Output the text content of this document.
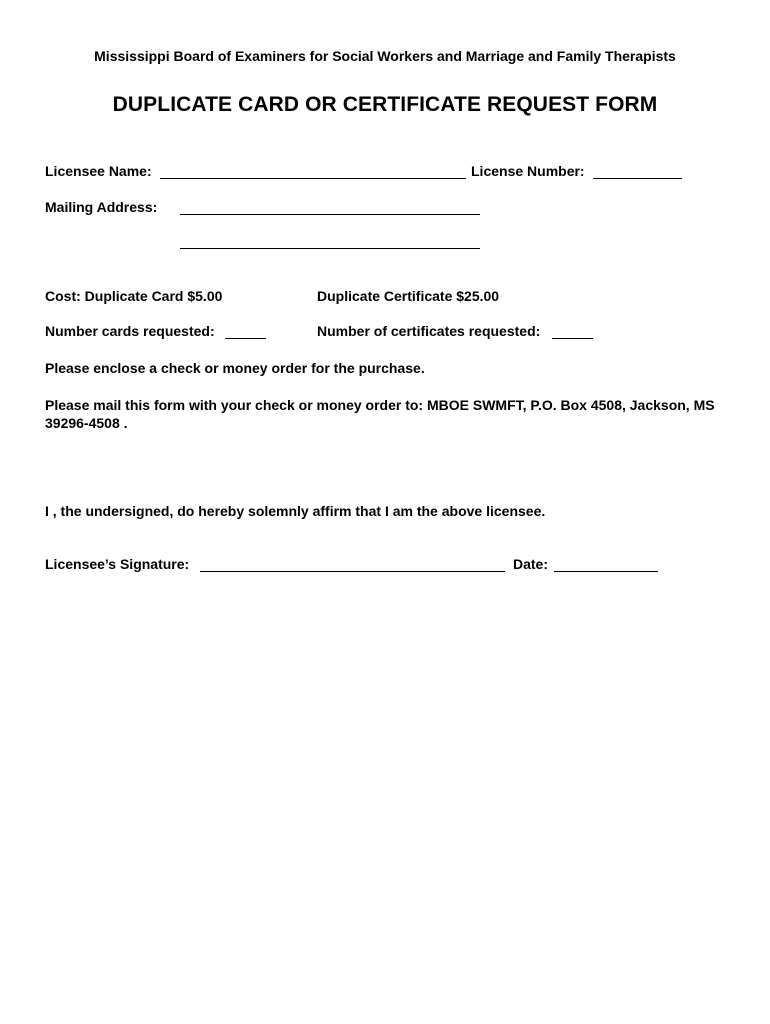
Mississippi Board of Examiners for Social Workers and Marriage and Family Therapists
DUPLICATE CARD OR CERTIFICATE REQUEST FORM
Licensee Name:	License Number:
Mailing Address:
Cost: Duplicate Card $5.00	Duplicate Certificate $25.00
Number cards requested:	Number of certificates requested:
Please enclose a check or money order for the purchase.
Please mail this form with your check or money order to: MBOE SWMFT, P.O. Box 4508, Jackson, MS 39296-4508 .
I , the undersigned, do hereby solemnly affirm that I am the above licensee.
Licensee’s Signature:	Date:
